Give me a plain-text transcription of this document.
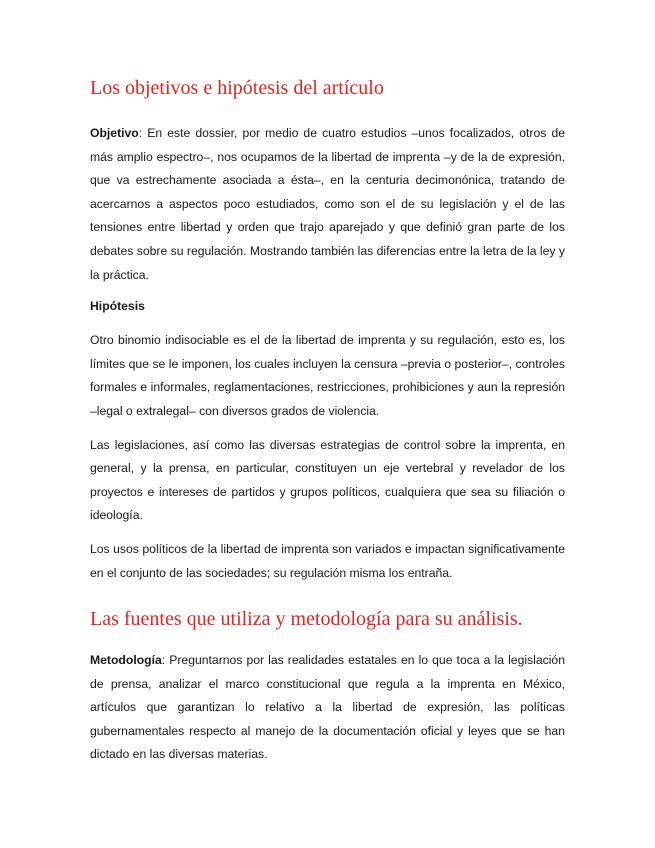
Los objetivos e hipótesis del artículo

Objetivo: En este dossier, por medio de cuatro estudios –unos focalizados, otros de más amplio espectro–, nos ocupamos de la libertad de imprenta –y de la de expresión, que va estrechamente asociada a ésta–, en la centuria decimonónica, tratando de acercarnos a aspectos poco estudiados, como son el de su legislación y el de las tensiones entre libertad y orden que trajo aparejado y que definió gran parte de los debates sobre su regulación. Mostrando también las diferencias entre la letra de la ley y la práctica.

Hipótesis

Otro binomio indisociable es el de la libertad de imprenta y su regulación, esto es, los límites que se le imponen, los cuales incluyen la censura –previa o posterior–, controles formales e informales, reglamentaciones, restricciones, prohibiciones y aun la represión –legal o extralegal– con diversos grados de violencia.

Las legislaciones, así como las diversas estrategias de control sobre la imprenta, en general, y la prensa, en particular, constituyen un eje vertebral y revelador de los proyectos e intereses de partidos y grupos políticos, cualquiera que sea su filiación o ideología.

Los usos políticos de la libertad de imprenta son variados e impactan significativamente en el conjunto de las sociedades; su regulación misma los entraña.

Las fuentes que utiliza y metodología para su análisis.

Metodología: Preguntarnos por las realidades estatales en lo que toca a la legislación de prensa, analizar el marco constitucional que regula a la imprenta en México, artículos que garantizan lo relativo a la libertad de expresión, las políticas gubernamentales respecto al manejo de la documentación oficial y leyes que se han dictado en las diversas materias.
